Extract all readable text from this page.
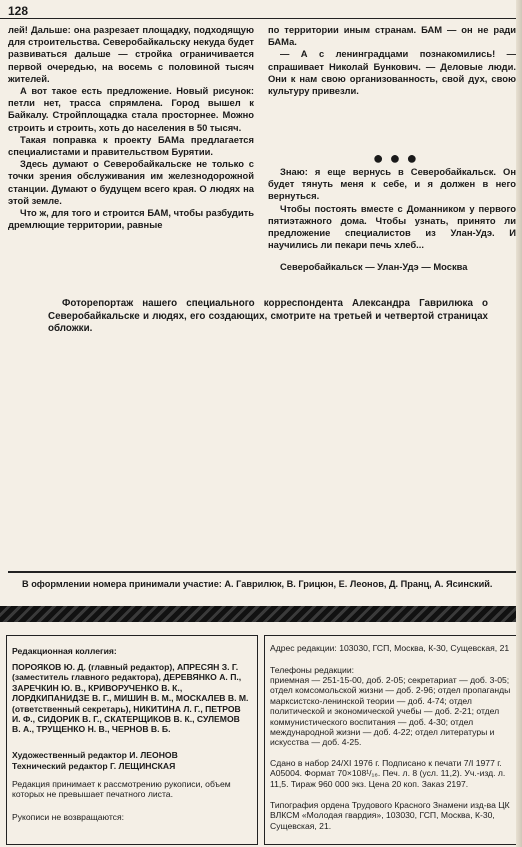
128

лей! Дальше: она разрезает площадку, подходящую для строительства. Северобайкальску некуда будет развиваться дальше — стройка ограничивается первой очередью, на восемь с половиной тысяч жителей.

А вот такое есть предложение. Новый рисунок: петли нет, трасса спрямлена. Город вышел к Байкалу. Стройплощадка стала просторнее. Можно строить и строить, хоть до населения в 50 тысяч.

Такая поправка к проекту БАМа предлагается специалистами и правительством Бурятии.

Здесь думают о Северобайкальске не только с точки зрения обслуживания им железнодорожной станции. Думают о будущем всего края. О людях на этой земле.

Что ж, для того и строится БАМ, чтобы разбудить дремлющие территории, равные

по территории иным странам. БАМ — он не ради БАМа.

— А с ленинградцами познакомились! — спрашивает Николай Бункович. — Деловые люди. Они к нам свою организованность, свой дух, свою культуру привезли.

●●●

Знаю: я еще вернусь в Северобайкальск. Он будет тянуть меня к себе, и я должен в него вернуться.

Чтобы постоять вместе с Доманником у первого пятиэтажного дома. Чтобы узнать, принято ли предложение специалистов из Улан-Удэ. И научились ли пекари печь хлеб...

Северобайкальск — Улан-Удэ — Москва

Фоторепортаж нашего специального корреспондента Александра Гаврилюка о Северобайкальске и людях, его создающих, смотрите на третьей и четвертой страницах обложки.
В оформлении номера принимали участие: А. Гаврилюк, В. Грицюн, Е. Леонов, Д. Пранц, А. Ясинский.

Редакционная коллегия:

ПОРОЯКОВ Ю. Д. (главный редактор), АПРЕСЯН З. Г. (заместитель главного редактора), ДЕРЕВЯНКО А. П., ЗАРЕЧКИН Ю. В., КРИВОРУЧЕНКО В. К., ЛОРДКИПАНИДЗЕ В. Г., МИШИН В. М., МОСКАЛЕВ В. М. (ответственный секретарь), НИКИТИНА Л. Г., ПЕТРОВ И. Ф., СИДОРИК В. Г., СКАТЕРЩИКОВ В. К., СУЛЕМОВ В. А., ТРУЩЕНКО Н. В., ЧЕРНОВ В. Б.

Художественный редактор И. ЛЕОНОВ

Технический редактор Г. ЛЕЩИНСКАЯ

Редакция принимает к рассмотрению рукописи, объем которых не превышает печатного листа.

Рукописи не возвращаются:

Адрес редакции: 103030, ГСП, Москва, К-30, Сущевская, 21

Телефоны редакции:

приемная — 251-15-00, доб. 2-05; секретариат — доб. 3-05; отдел комсомольской жизни — доб. 2-96; отдел пропаганды марксистско-ленинской теории — доб. 4-74; отдел политической и экономической учебы — доб. 2-21; отдел коммунистического воспитания — доб. 4-30; отдел международной жизни — доб. 4-22; отдел литературы и искусства — доб. 4-25.

Сдано в набор 24/XI 1976 г. Подписано к печати 7/I 1977 г. А05004. Формат 70×108¹/₁₆. Печ. л. 8 (усл. 11,2). Уч.-изд. л. 11,5. Тираж 960 000 экз. Цена 20 коп. Заказ 2197.

Типография ордена Трудового Красного Знамени изд-ва ЦК ВЛКСМ «Молодая гвардия», 103030, ГСП, Москва, К-30, Сущевская, 21.
